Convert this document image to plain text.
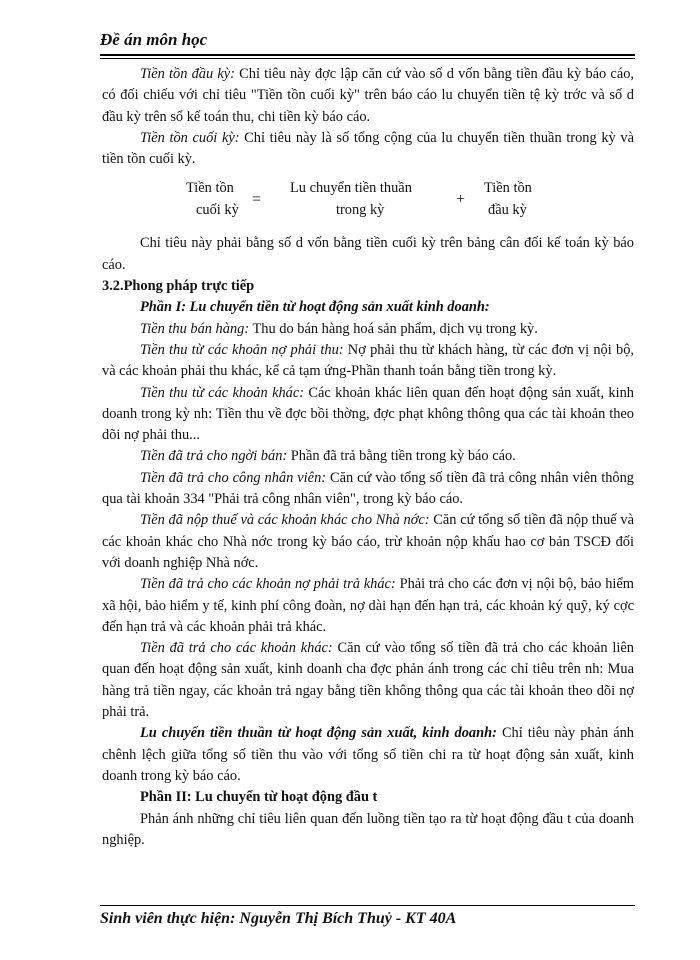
Đề án môn học

Tiền tồn đầu kỳ: Chỉ tiêu này đợc lập căn cứ vào số d vốn bằng tiền đầu kỳ báo cáo, có đối chiếu với chỉ tiêu "Tiền tồn cuối kỳ" trên báo cáo lu chuyển tiền tệ kỳ trớc và số d đầu kỳ trên sổ kế toán thu, chi tiền kỳ báo cáo.

Tiền tồn cuối kỳ: Chỉ tiêu này là số tổng cộng của lu chuyển tiền thuần trong kỳ và tiền tồn cuối kỳ.

Tiền tồn
cuối kỳ
=
Lu chuyển tiền thuần
trong kỳ
+
Tiền tồn
đầu kỳ

Chỉ tiêu này phải bằng số d vốn bằng tiền cuối kỳ trên bảng cân đối kế toán kỳ báo cáo.

3.2.Phong pháp trực tiếp

Phần I: Lu chuyển tiền từ hoạt động sản xuất kinh doanh:

Tiền thu bán hàng: Thu do bán hàng hoá sản phẩm, dịch vụ trong kỳ.

Tiền thu từ các khoản nợ phải thu: Nợ phải thu từ khách hàng, từ các đơn vị nội bộ, và các khoản phải thu khác, kể cả tạm ứng-Phần thanh toán bằng tiền trong kỳ.

Tiền thu từ các khoản khác: Các khoản khác liên quan đến hoạt động sản xuất, kinh doanh trong kỳ nh: Tiền thu về đợc bồi thờng, đợc phạt không thông qua các tài khoản theo dõi nợ phải thu...

Tiền đã trả cho ngời bán: Phần đã trả bằng tiền trong kỳ báo cáo.

Tiền đã trả cho công nhân viên: Căn cứ vào tổng số tiền đã trả công nhân viên thông qua tài khoản 334 "Phải trả công nhân viên", trong kỳ báo cáo.

Tiền đã nộp thuế và các khoản khác cho Nhà nớc: Căn cứ tổng số tiền đã nộp thuế và các khoản khác cho Nhà nớc trong kỳ báo cáo, trừ khoản nộp khấu hao cơ bản TSCĐ đối với doanh nghiệp Nhà nớc.

Tiền đã trả cho các khoản nợ phải trả khác: Phải trả cho các đơn vị nội bộ, bảo hiểm xã hội, bảo hiểm y tế, kinh phí công đoàn, nợ dài hạn đến hạn trả, các khoản ký quỹ, ký cợc đến hạn trả và các khoản phải trả khác.

Tiền đã trả cho các khoản khác: Căn cứ vào tổng số tiền đã trả cho các khoản liên quan đến hoạt động sản xuất, kinh doanh cha đợc phản ánh trong các chỉ tiêu trên nh: Mua hàng trả tiền ngay, các khoản trả ngay bằng tiền không thông qua các tài khoản theo dõi nợ phải trả.

Lu chuyển tiền thuần từ hoạt động sản xuất, kinh doanh: Chỉ tiêu này phản ánh chênh lệch giữa tổng số tiền thu vào với tổng số tiền chi ra từ hoạt động sản xuất, kinh doanh trong kỳ báo cáo.

Phần II: Lu chuyển từ hoạt động đầu t

Phản ánh những chỉ tiêu liên quan đến luồng tiền tạo ra từ hoạt động đầu t của doanh nghiệp.

Sinh viên thực hiện: Nguyễn Thị Bích Thuỷ - KT 40A
